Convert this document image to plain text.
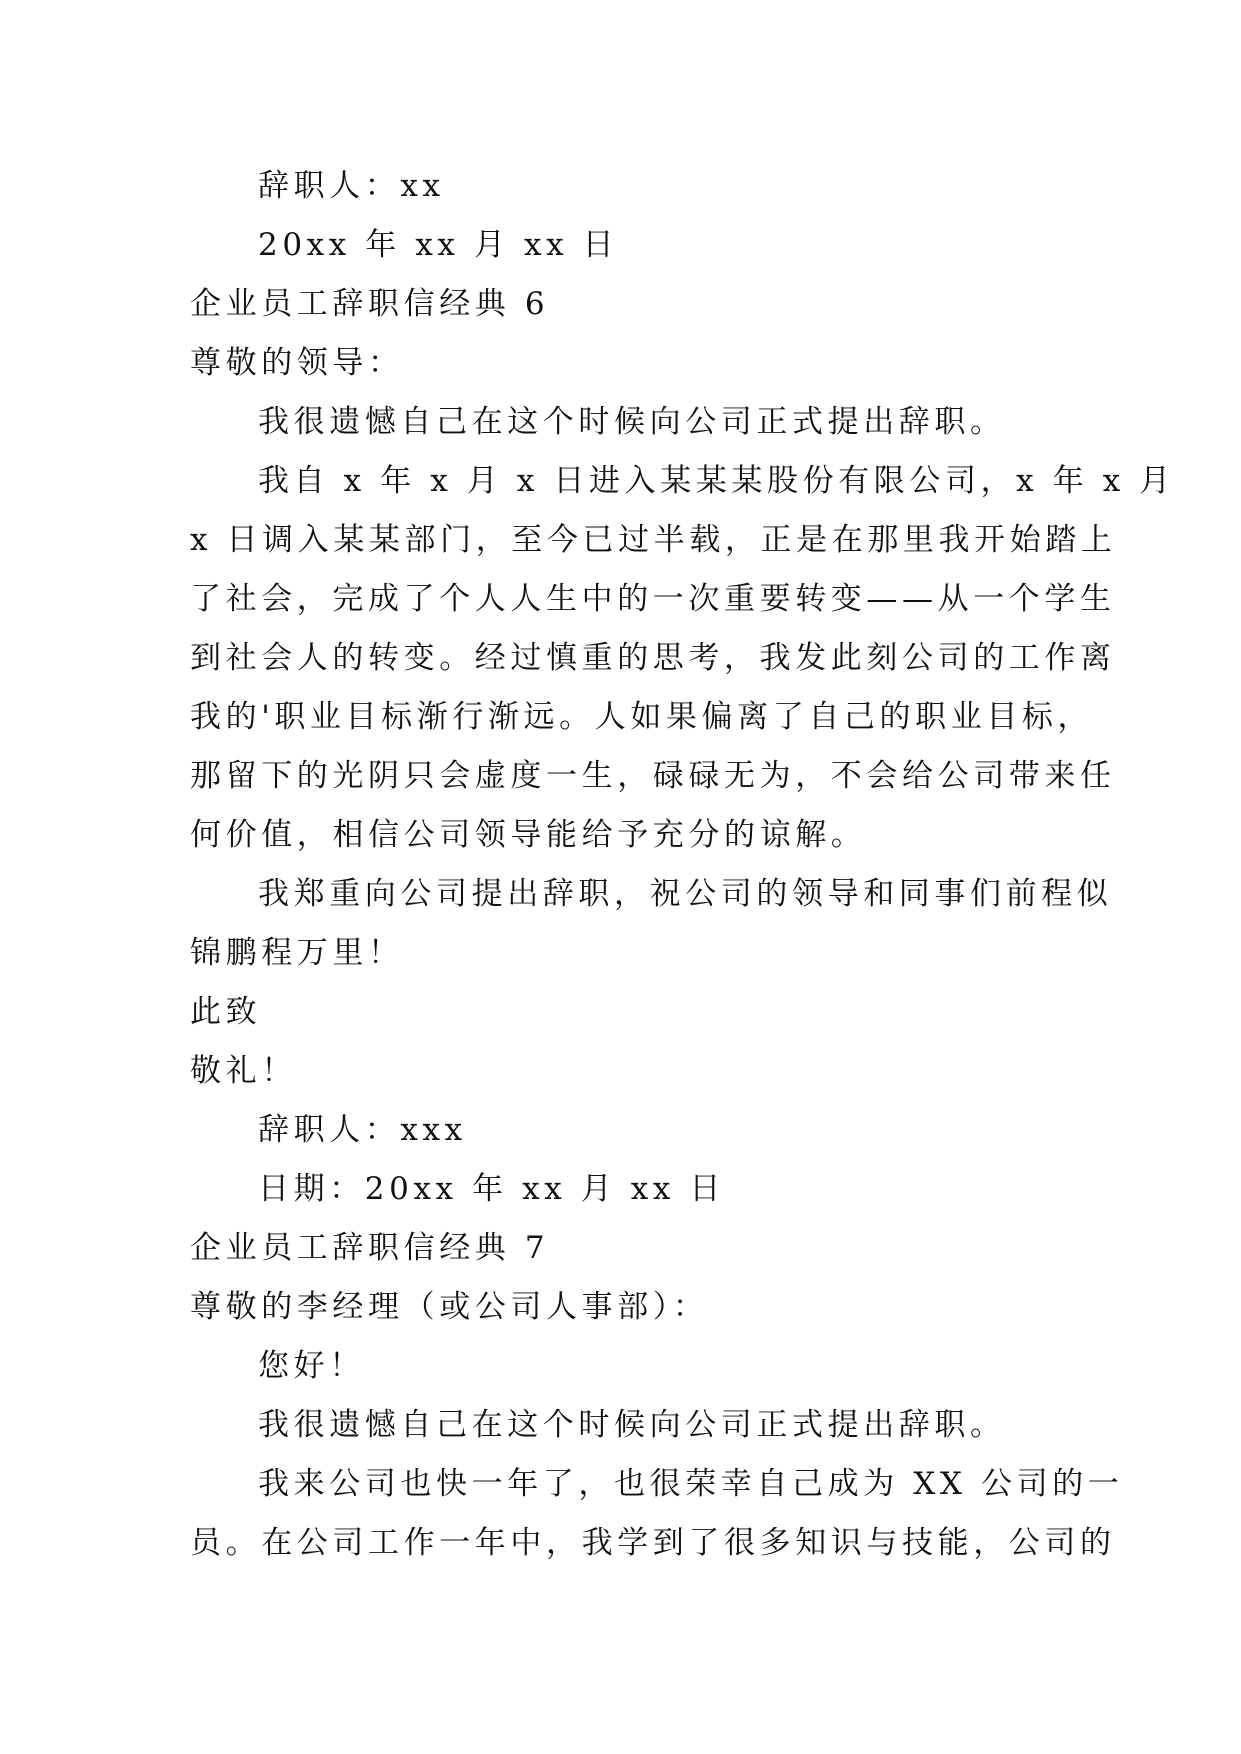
辞职人：xx
20xx 年 xx 月 xx 日
企业员工辞职信经典 6
尊敬的领导：
我很遗憾自己在这个时候向公司正式提出辞职。
我自 x 年 x 月 x 日进入某某某股份有限公司，x 年 x 月
x 日调入某某部门，至今已过半载，正是在那里我开始踏上
了社会，完成了个人人生中的一次重要转变——从一个学生
到社会人的转变。经过慎重的思考，我发此刻公司的工作离
我的'职业目标渐行渐远。人如果偏离了自己的职业目标，
那留下的光阴只会虚度一生，碌碌无为，不会给公司带来任
何价值，相信公司领导能给予充分的谅解。
我郑重向公司提出辞职，祝公司的领导和同事们前程似
锦鹏程万里！
此致
敬礼！
辞职人：xxx
日期：20xx 年 xx 月 xx 日
企业员工辞职信经典 7
尊敬的李经理（或公司人事部）：
您好！
我很遗憾自己在这个时候向公司正式提出辞职。
我来公司也快一年了，也很荣幸自己成为 XX 公司的一
员。在公司工作一年中，我学到了很多知识与技能，公司的
